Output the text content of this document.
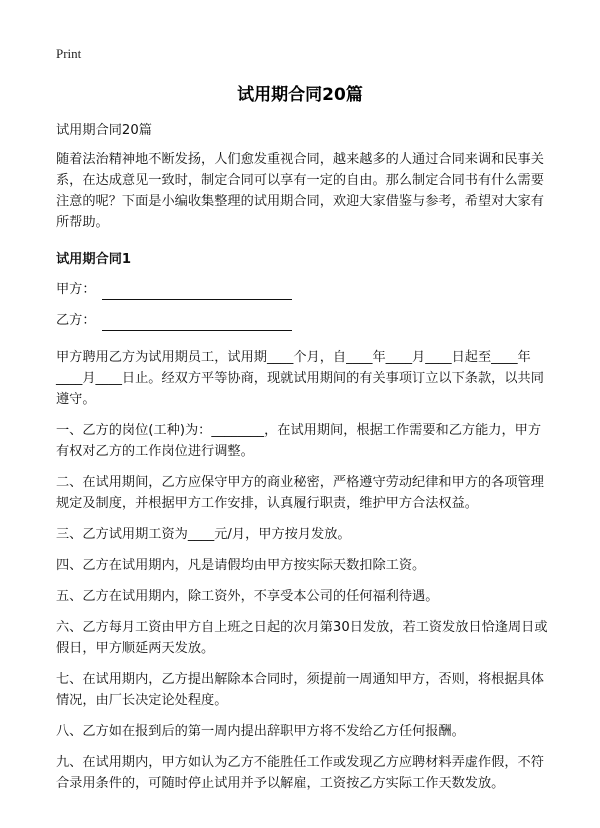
Print
试用期合同20篇

试用期合同20篇

随着法治精神地不断发扬，人们愈发重视合同，越来越多的人通过合同来调和民事关系，在达成意见一致时，制定合同可以享有一定的自由。那么制定合同书有什么需要注意的呢？下面是小编收集整理的试用期合同，欢迎大家借鉴与参考，希望对大家有所帮助。

试用期合同1

甲方：

乙方：

甲方聘用乙方为试用期员工，试用期____个月，自____年____月____日起至____年____月____日止。经双方平等协商，现就试用期间的有关事项订立以下条款，以共同遵守。

一、乙方的岗位(工种)为：________，在试用期间，根据工作需要和乙方能力，甲方有权对乙方的工作岗位进行调整。

二、在试用期间，乙方应保守甲方的商业秘密，严格遵守劳动纪律和甲方的各项管理规定及制度，并根据甲方工作安排，认真履行职责，维护甲方合法权益。

三、乙方试用期工资为____元/月，甲方按月发放。

四、乙方在试用期内，凡是请假均由甲方按实际天数扣除工资。

五、乙方在试用期内，除工资外，不享受本公司的任何福利待遇。

六、乙方每月工资由甲方自上班之日起的次月第30日发放，若工资发放日恰逢周日或假日，甲方顺延两天发放。

七、在试用期内，乙方提出解除本合同时，须提前一周通知甲方，否则，将根据具体情况，由厂长决定论处程度。

八、乙方如在报到后的第一周内提出辞职甲方将不发给乙方任何报酬。

九、在试用期内，甲方如认为乙方不能胜任工作或发现乙方应聘材料弄虚作假，不符合录用条件的，可随时停止试用并予以解雇，工资按乙方实际工作天数发放。
